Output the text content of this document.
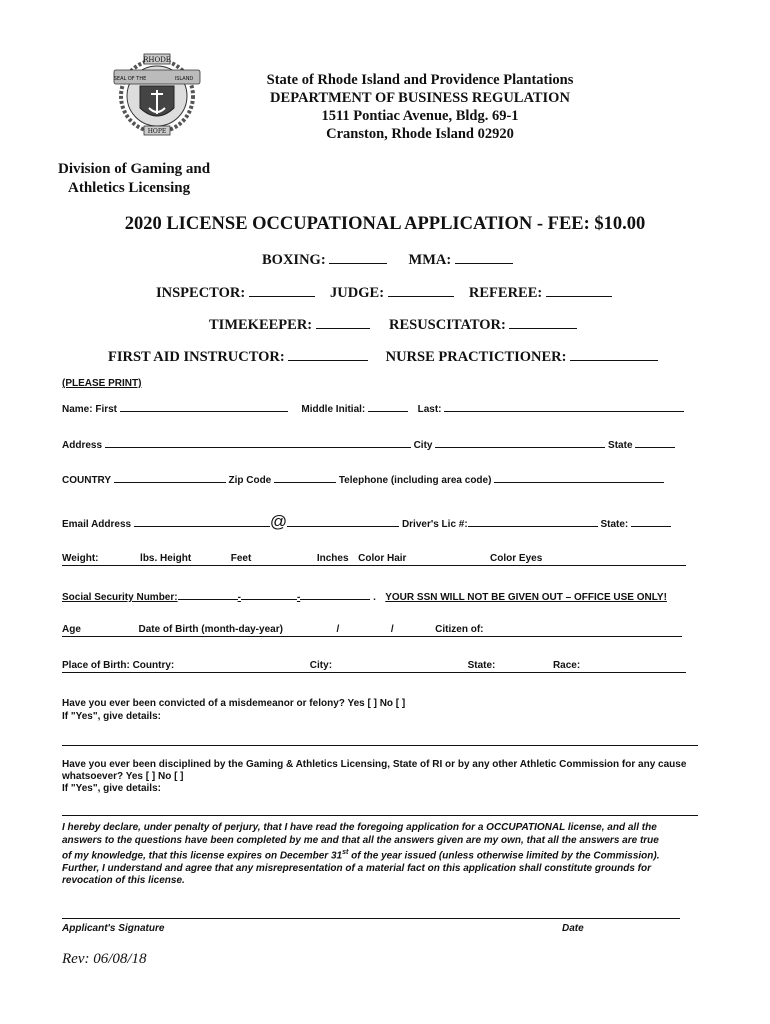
RHODE
SEAL OF THE	ISLAND
HOPE
State of Rhode Island and Providence Plantations
DEPARTMENT OF BUSINESS REGULATION
1511 Pontiac Avenue, Bldg. 69-1
Cranston, Rhode Island 02920
Division of Gaming and
Athletics Licensing
2020 LICENSE OCCUPATIONAL APPLICATION - FEE: $10.00
BOXING:	MMA:
INSPECTOR:	JUDGE:	REFEREE:
TIMEKEEPER:	RESUSCITATOR:
FIRST AID INSTRUCTOR:	NURSE PRACTICTIONER:
(PLEASE PRINT)
Name: First	Middle Initial:	Last:
Address	City	State
COUNTRY	Zip Code	Telephone (including area code)
Email Address	@	Driver's Lic #:	State:
Weight:	lbs. Height	Feet	Inches Color Hair	Color Eyes
Social Security Number:	-	-	. YOUR SSN WILL NOT BE GIVEN OUT – OFFICE USE ONLY!
Age	Date of Birth (month-day-year)	/	/	Citizen of:
Place of Birth: Country:	City:	State:	Race:
Have you ever been convicted of a misdemeanor or felony? Yes [ ] No [ ]
If "Yes", give details:
Have you ever been disciplined by the Gaming & Athletics Licensing, State of RI or by any other Athletic Commission for any cause
whatsoever? Yes [ ] No [ ]
If "Yes", give details:
I hereby declare, under penalty of perjury, that I have read the foregoing application for a OCCUPATIONAL license, and all the
answers to the questions have been completed by me and that all the answers given are my own, that all the answers are true
of my knowledge, that this license expires on December 31st of the year issued (unless otherwise limited by the Commission).
Further, I understand and agree that any misrepresentation of a material fact on this application shall constitute grounds for
revocation of this license.
Applicant's Signature	Date
Rev: 06/08/18
